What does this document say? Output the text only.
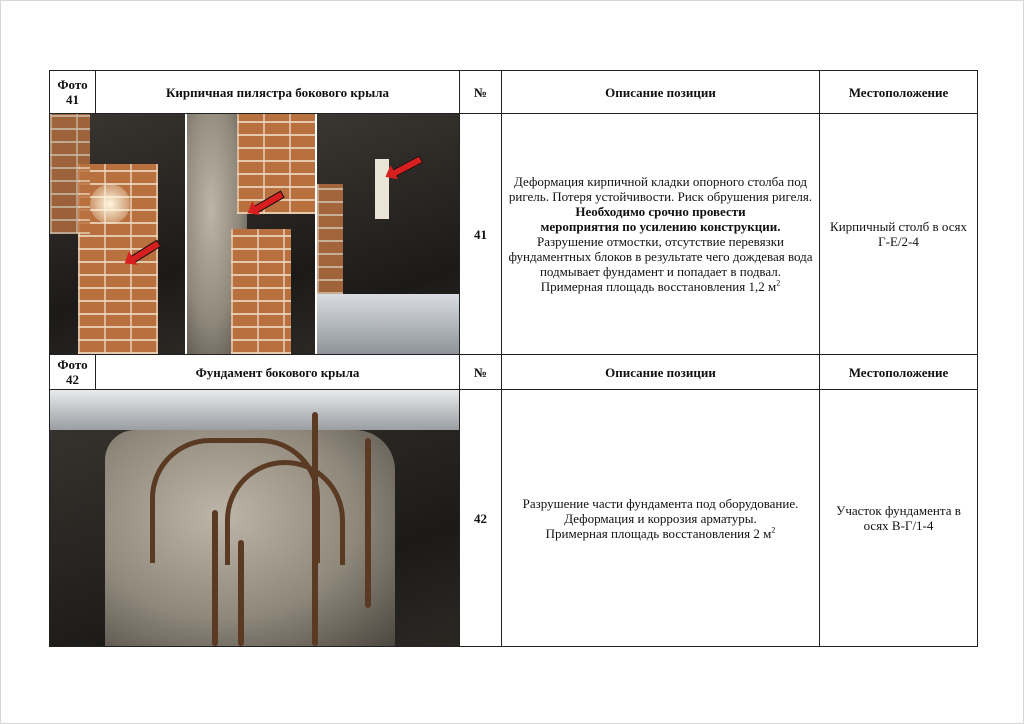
Фото
41	Кирпичная пилястра бокового крыла	№	Описание позиции	Местоположение

		41	Деформация кирпичной кладки опорного столба под ригель. Потеря устойчивости. Риск обрушения ригеля. Необходимо срочно провести
мероприятия по усилению конструкции.
Разрушение отмостки, отсутствие перевязки фундаментных блоков в результате чего дождевая вода подмывает фундамент и попадает в подвал.
Примерная площадь восстановления 1,2 $м^2$	Кирпичный столб в осях Г-Е/2-4
Фото
42	Фундамент бокового крыла	№	Описание позиции	Местоположение

		42	Разрушение части фундамента под оборудование. Деформация и коррозия арматуры.
Примерная площадь восстановления 2 $м^2$	Участок фундамента в осях В-Г/1-4
